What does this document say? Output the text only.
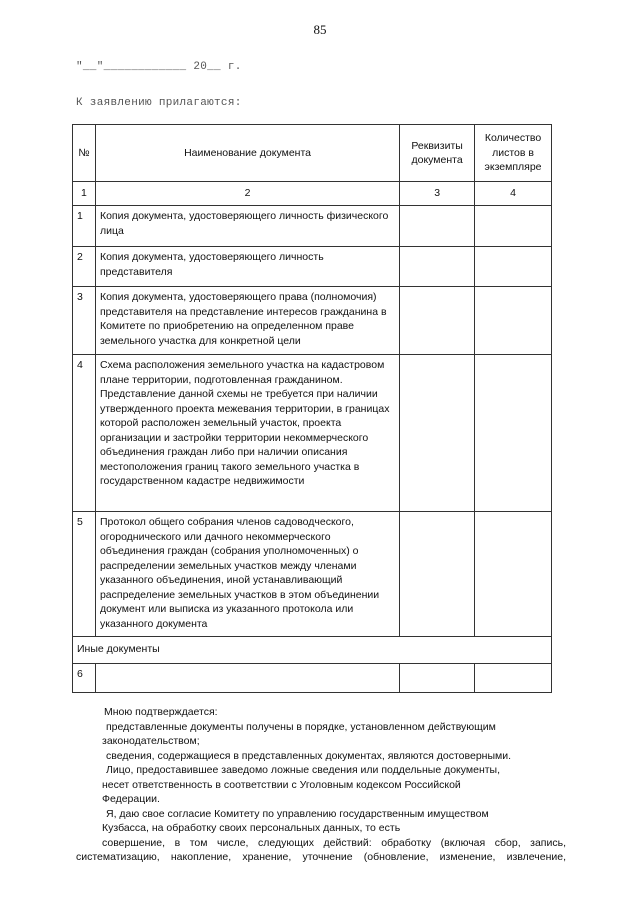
85
"__"____________ 20__ г.
К заявлению прилагаются:
№	Наименование документа	Реквизиты документа	Количество листов в экземпляре
1	2	3	4
1	Копия документа, удостоверяющего личность физического лица		
2	Копия документа, удостоверяющего личность представителя		
3	Копия документа, удостоверяющего права (полномочия) представителя на представление интересов гражданина в Комитете по приобретению на определенном праве земельного участка для конкретной цели		
4	Схема расположения земельного участка на кадастровом плане территории, подготовленная гражданином. Представление данной схемы не требуется при наличии утвержденного проекта межевания территории, в границах которой расположен земельный участок, проекта организации и застройки территории некоммерческого объединения граждан либо при наличии описания местоположения границ такого земельного участка в государственном кадастре недвижимости		
5	Протокол общего собрания членов садоводческого, огороднического или дачного некоммерческого объединения граждан (собрания уполномоченных) о распределении земельных участков между членами указанного объединения, иной устанавливающий распределение земельных участков в этом объединении документ или выписка из указанного протокола или указанного документа		
Иные документы			
6			

Мною подтверждается:

представленные документы получены в порядке, установленном действующим

законодательством;

сведения, содержащиеся в представленных документах, являются достоверными.

Лицо, предоставившее заведомо ложные сведения или поддельные документы,

несет ответственность в соответствии с Уголовным кодексом Российской

Федерации.

Я, даю свое согласие Комитету по управлению государственным имуществом

Кузбасса, на обработку своих персональных данных, то есть

совершение, в том числе, следующих действий: обработку (включая сбор, запись,

систематизацию, накопление, хранение, уточнение (обновление, изменение, извлечение,
